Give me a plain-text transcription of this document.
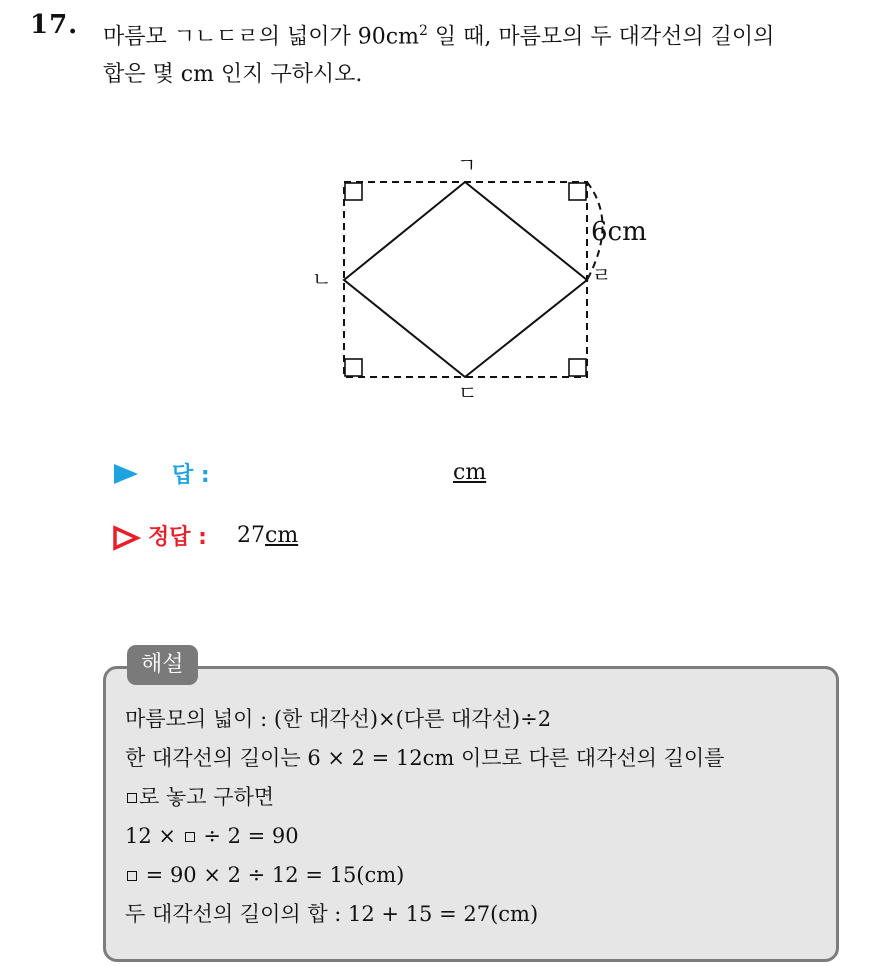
17. 마름모 ㄱㄴㄷㄹ의 넓이가 $90cm^2$ 일 때, 마름모의 두 대각선의 길이의
합은 몇 cm 인지 구하시오.
ㄱ
ㄴ
ㄷ
ㄹ
6cm
답 :	cm
정답 : 27cm
해설
마름모의 넓이 : (한 대각선)×(다른 대각선)÷2
한 대각선의 길이는 6 × 2 = 12cm 이므로 다른 대각선의 길이를
로 놓고 구하면
12 ×  ÷ 2 = 90
= 90 × 2 ÷ 12 = 15(cm)
두 대각선의 길이의 합 : 12 + 15 = 27(cm)
